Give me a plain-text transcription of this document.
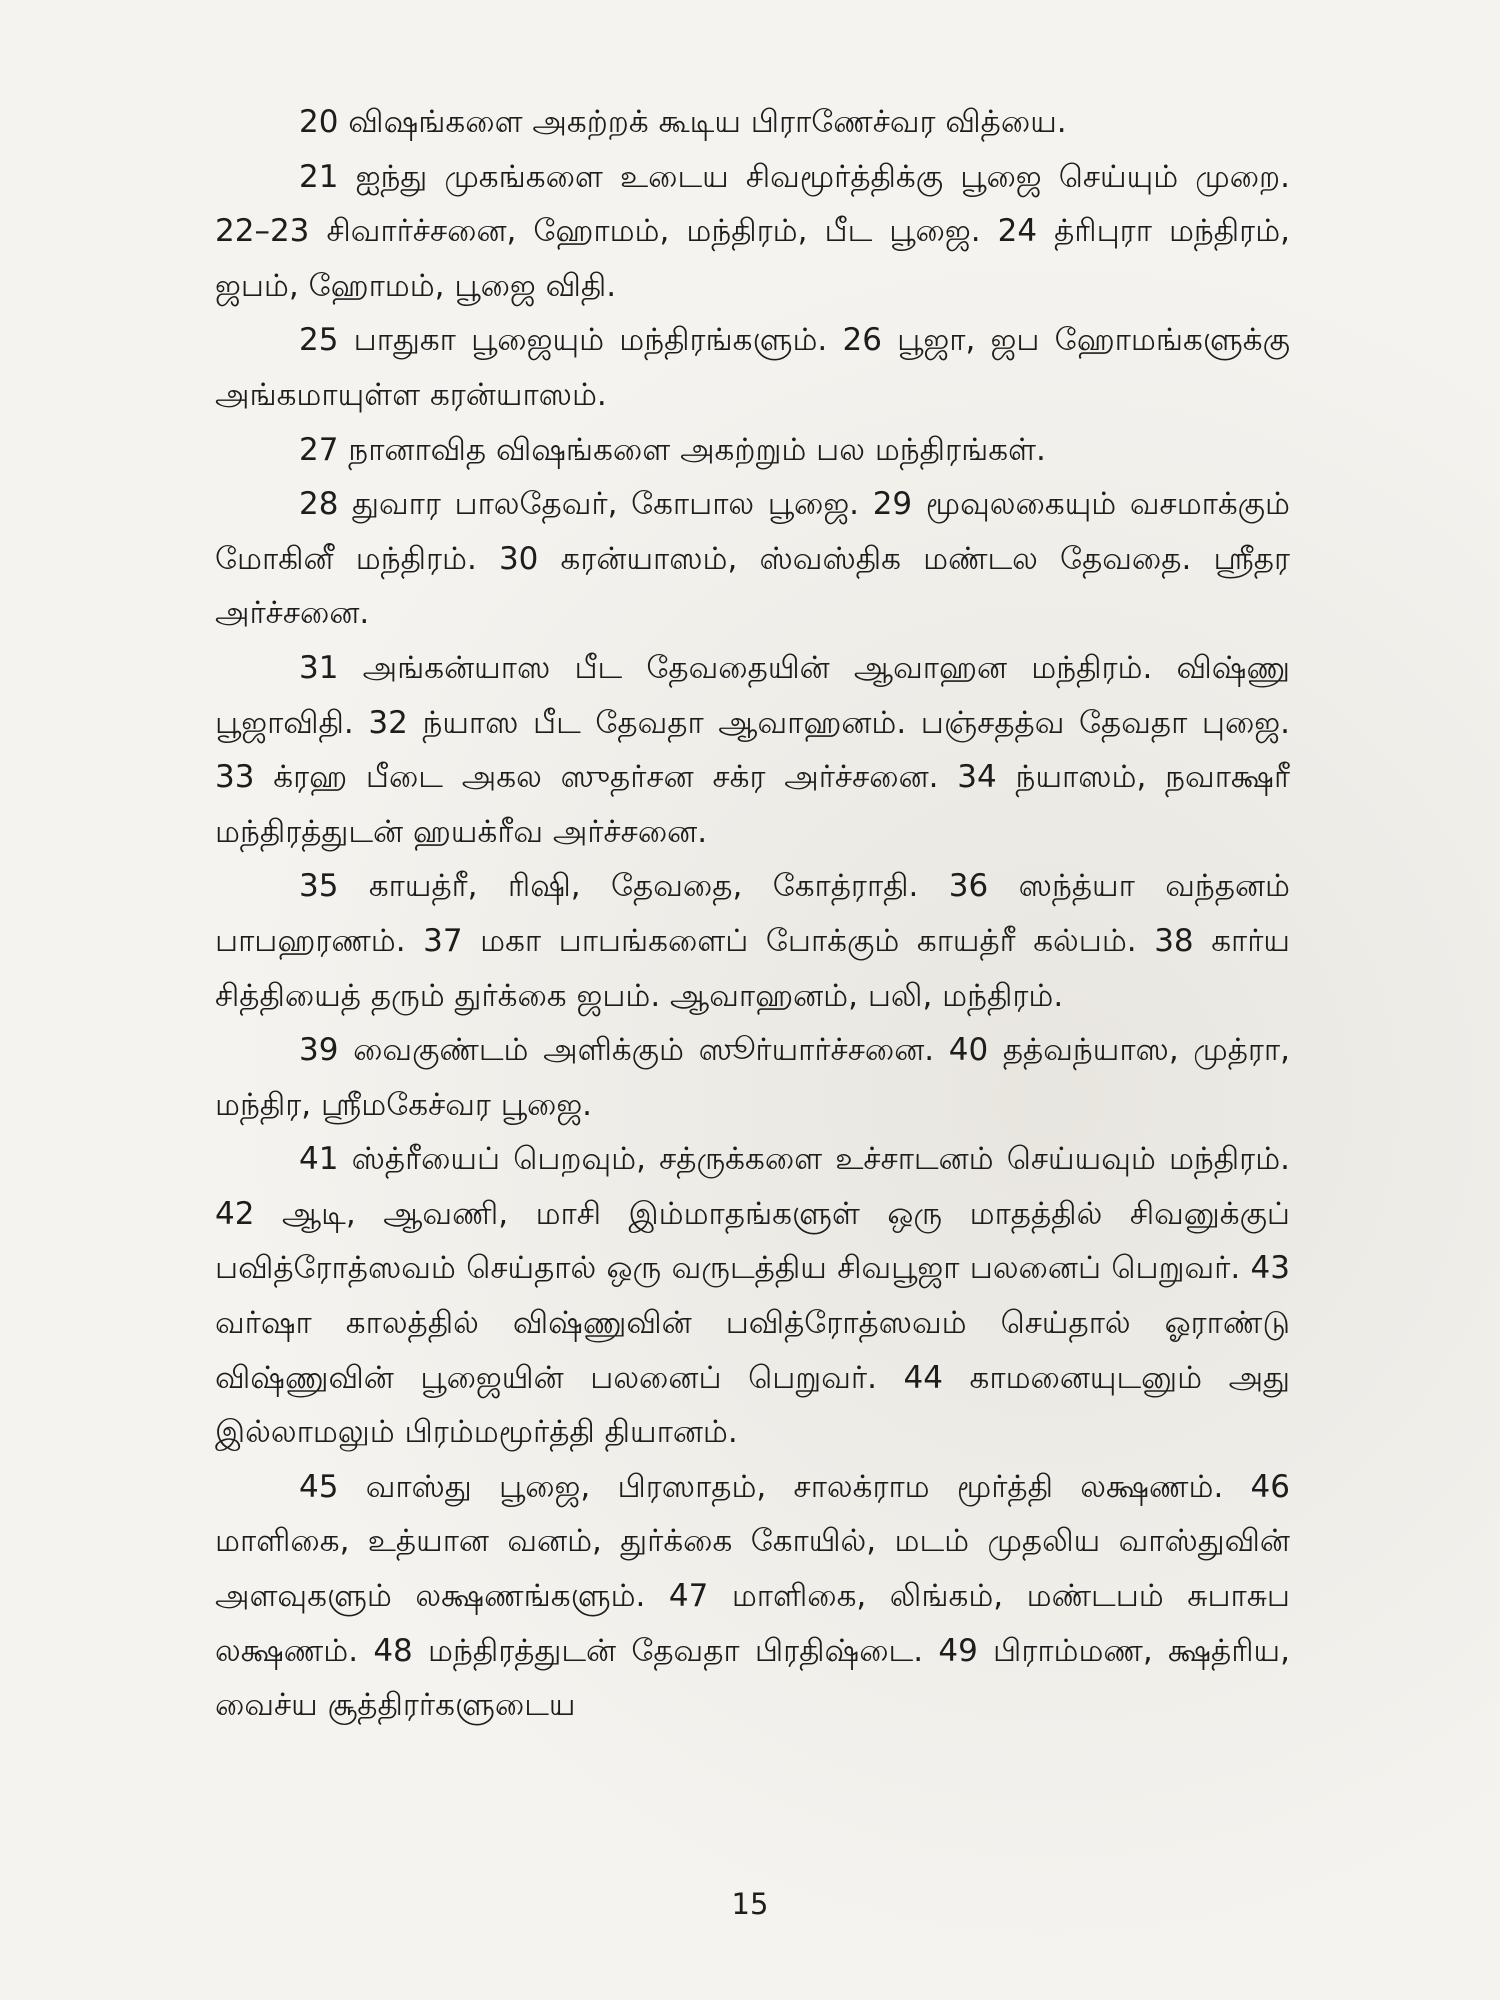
20 விஷங்களை அகற்றக் கூடிய பிராணேச்வர வித்யை.

21 ஐந்து முகங்களை உடைய சிவமூர்த்திக்கு பூஜை செய்யும் முறை. 22–23 சிவார்ச்சனை, ஹோமம், மந்திரம், பீட பூஜை. 24 த்ரிபுரா மந்திரம், ஜபம், ஹோமம், பூஜை விதி.

25 பாதுகா பூஜையும் மந்திரங்களும். 26 பூஜா, ஜப ஹோமங்களுக்கு அங்கமாயுள்ள கரன்யாஸம்.

27 நானாவித விஷங்களை அகற்றும் பல மந்திரங்கள்.

28 துவார பாலதேவர், கோபால பூஜை. 29 மூவுலகையும் வசமாக்கும் மோகினீ மந்திரம். 30 கரன்யாஸம், ஸ்வஸ்திக மண்டல தேவதை. ஸ்ரீதர அர்ச்சனை.

31 அங்கன்யாஸ பீட தேவதையின் ஆவாஹன மந்திரம். விஷ்ணு பூஜாவிதி. 32 ந்யாஸ பீட தேவதா ஆவாஹனம். பஞ்சதத்வ தேவதா புஜை. 33 க்ரஹ பீடை அகல ஸுதர்சன சக்ர அர்ச்சனை. 34 ந்யாஸம், நவாக்ஷரீ மந்திரத்துடன் ஹயக்ரீவ அர்ச்சனை.

35 காயத்ரீ, ரிஷி, தேவதை, கோத்ராதி. 36 ஸந்த்யா வந்தனம் பாபஹரணம். 37 மகா பாபங்களைப் போக்கும் காயத்ரீ கல்பம். 38 கார்ய சித்தியைத் தரும் துர்க்கை ஜபம். ஆவாஹனம், பலி, மந்திரம்.

39 வைகுண்டம் அளிக்கும் ஸூர்யார்ச்சனை. 40 தத்வந்யாஸ, முத்ரா, மந்திர, ஸ்ரீமகேச்வர பூஜை.

41 ஸ்த்ரீயைப் பெறவும், சத்ருக்களை உச்சாடனம் செய்யவும் மந்திரம். 42 ஆடி, ஆவணி, மாசி இம்மாதங்களுள் ஒரு மாதத்தில் சிவனுக்குப் பவித்ரோத்ஸவம் செய்தால் ஒரு வருடத்திய சிவபூஜா பலனைப் பெறுவர். 43 வர்ஷா காலத்தில் விஷ்ணுவின் பவித்ரோத்ஸவம் செய்தால் ஓராண்டு விஷ்ணுவின் பூஜையின் பலனைப் பெறுவர். 44 காமனையுடனும் அது இல்லாமலும் பிரம்மமூர்த்தி தியானம்.

45 வாஸ்து பூஜை, பிரஸாதம், சாலக்ராம மூர்த்தி லக்ஷணம். 46 மாளிகை, உத்யான வனம், துர்க்கை கோயில், மடம் முதலிய வாஸ்துவின் அளவுகளும் லக்ஷணங்களும். 47 மாளிகை, லிங்கம், மண்டபம் சுபாசுப லக்ஷணம். 48 மந்திரத்துடன் தேவதா பிரதிஷ்டை. 49 பிராம்மண, க்ஷத்ரிய, வைச்ய சூத்திரர்களுடைய

15
